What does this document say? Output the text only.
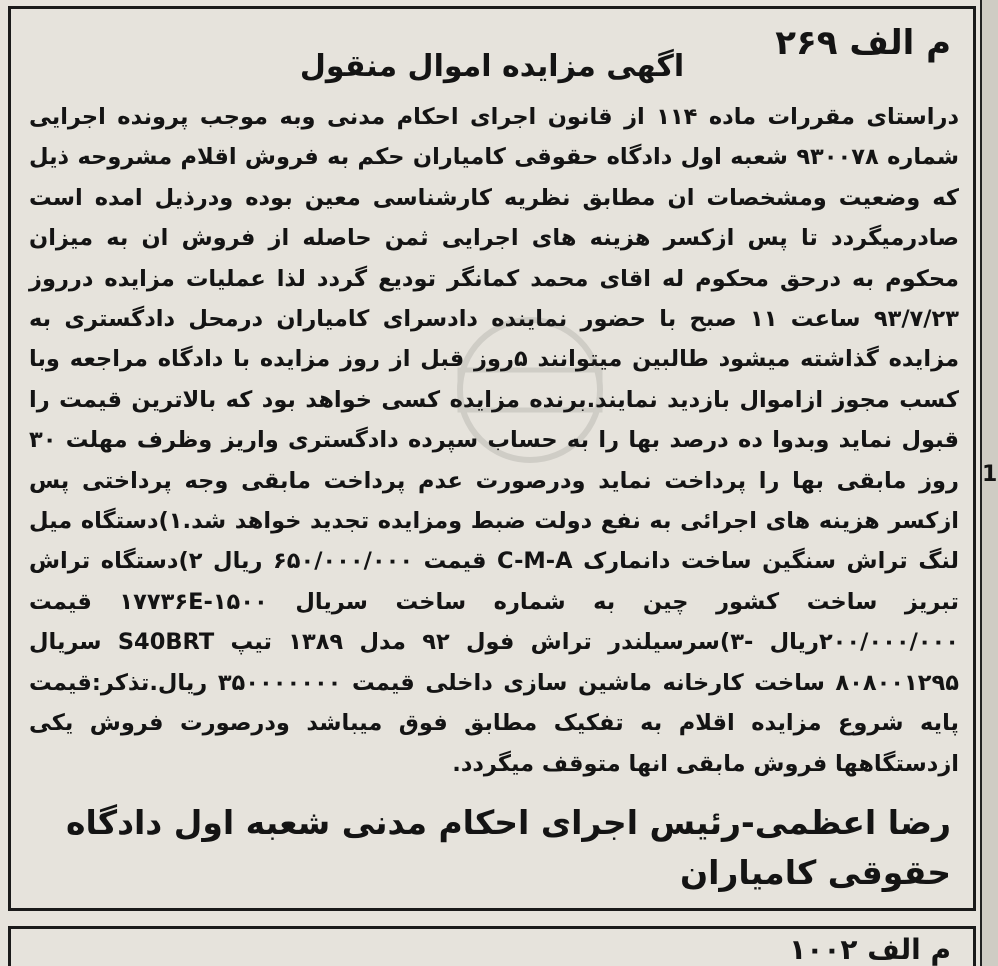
م الف ۲۶۹
اگهی مزایده اموال منقول
دراستای مقررات ماده ۱۱۴ از قانون اجرای احکام مدنی وبه موجب پرونده اجرایی شماره ۹۳۰۰۷۸ شعبه اول دادگاه حقوقی کامیاران حکم به فروش اقلام مشروحه ذیل که وضعیت ومشخصات ان مطابق نظریه کارشناسی معین بوده ودرذیل امده است صادرمیگردد تا پس ازکسر هزینه های اجرایی ثمن حاصله از فروش ان به میزان محکوم به درحق محکوم له اقای محمد کمانگر تودیع گردد لذا عملیات مزایده درروز ۹۳/۷/۲۳ ساعت ۱۱ صبح با حضور نماینده دادسرای کامیاران درمحل دادگستری به مزایده گذاشته میشود طالبین میتوانند ۵روز قبل از روز مزایده با دادگاه مراجعه وبا کسب مجوز ازاموال بازدید نمایند.برنده مزایده کسی خواهد بود که بالاترین قیمت را قبول نماید وبدوا ده درصد بها را به حساب سپرده دادگستری واریز وظرف مهلت ۳۰ روز مابقی بها را پرداخت نماید ودرصورت عدم پرداخت مابقی وجه پرداختی پس ازکسر هزینه های اجرائی به نفع دولت ضبط ومزایده تجدید خواهد شد.۱)دستگاه میل لنگ تراش سنگین ساخت دانمارک C-M-A قیمت ۶۵۰/۰۰۰/۰۰۰ ریال ۲)دستگاه تراش تبریز ساخت کشور چین به شماره ساخت سریال ۱۵۰۰-۱۷۷۳۶E قیمت ۲۰۰/۰۰۰/۰۰۰ریال -۳)سرسیلندر تراش فول ۹۲ مدل ۱۳۸۹ تیپ S40BRT سریال ۸۰۸۰۰۱۲۹۵ ساخت کارخانه ماشین سازی داخلی قیمت ۳۵۰۰۰۰۰۰۰ ریال.تذکر:قیمت پایه شروع مزایده اقلام به تفکیک مطابق فوق میباشد ودرصورت فروش یکی ازدستگاهها فروش مابقی انها متوقف میگردد.
رضا اعظمی-رئیس اجرای احکام مدنی شعبه اول دادگاه حقوقی کامیاران
1
م الف ۱۰۰۲
